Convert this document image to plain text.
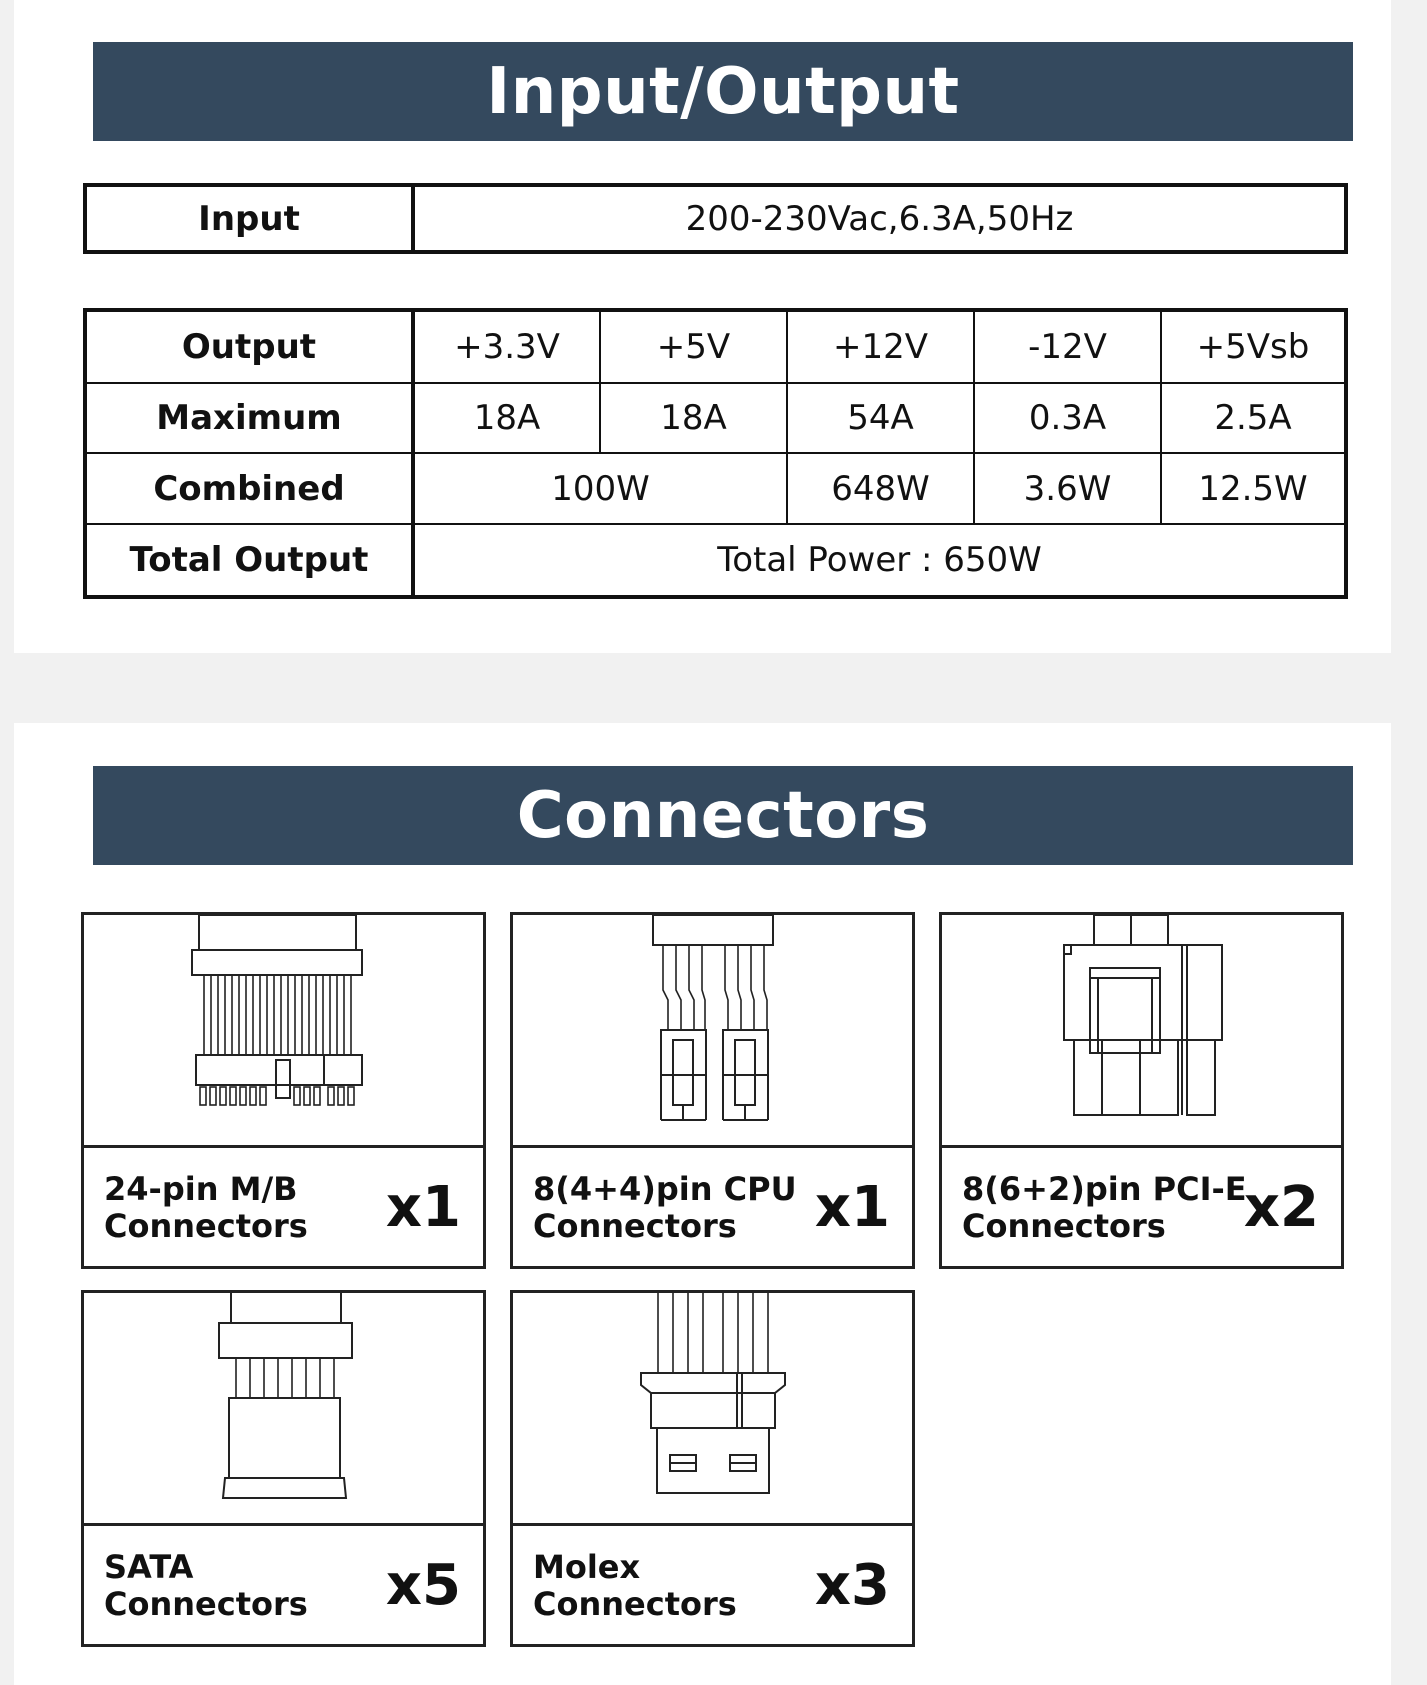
Input/Output
Input	200-230Vac,6.3A,50Hz
Output	+3.3V	+5V	+12V	-12V	+5Vsb
Maximum	18A	18A	54A	0.3A	2.5A
Combined	100W		648W	3.6W	12.5W
Total Output	Total Power : 650W				
Connectors
24-pin M/B
Connectors x1 8(4+4)pin CPU
Connectors	x1 8(6+2)pin PCI-E
Connectors	x2
SATA
Connectors x5 Molex
Connectors x3
